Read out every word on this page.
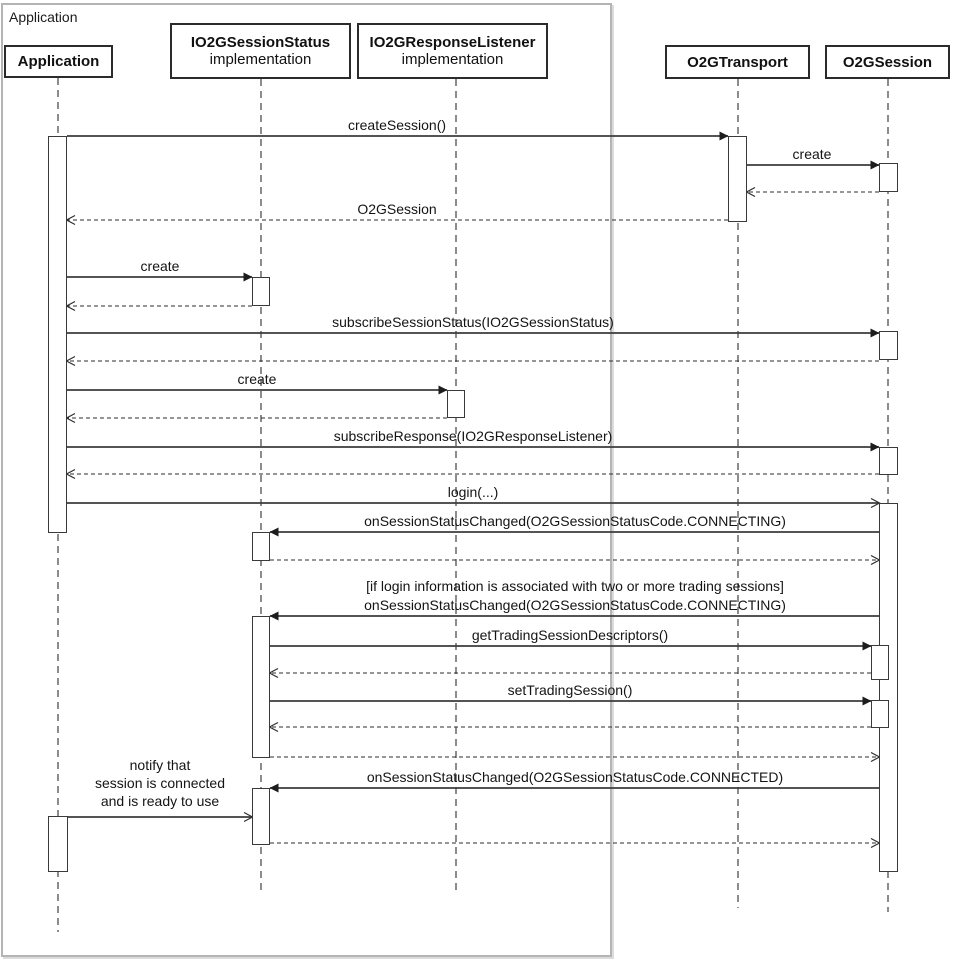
Application
Application
IO2GSessionStatus
implementation
IO2GResponseListener
implementation	O2GTransport	O2GSession
createSession()
create
O2GSession
create
subscribeSessionStatus(IO2GSessionStatus)
create
subscribeResponse(IO2GResponseListener)
login(...)
onSessionStatusChanged(O2GSessionStatusCode.CONNECTING)
onSessionStatusChanged(O2GSessionStatusCode.CONNECTING)
getTradingSessionDescriptors()
setTradingSession()
onSessionStatusChanged(O2GSessionStatusCode.CONNECTED)
[if login information is associated with two or more trading sessions]
notify that
session is connected
and is ready to use
